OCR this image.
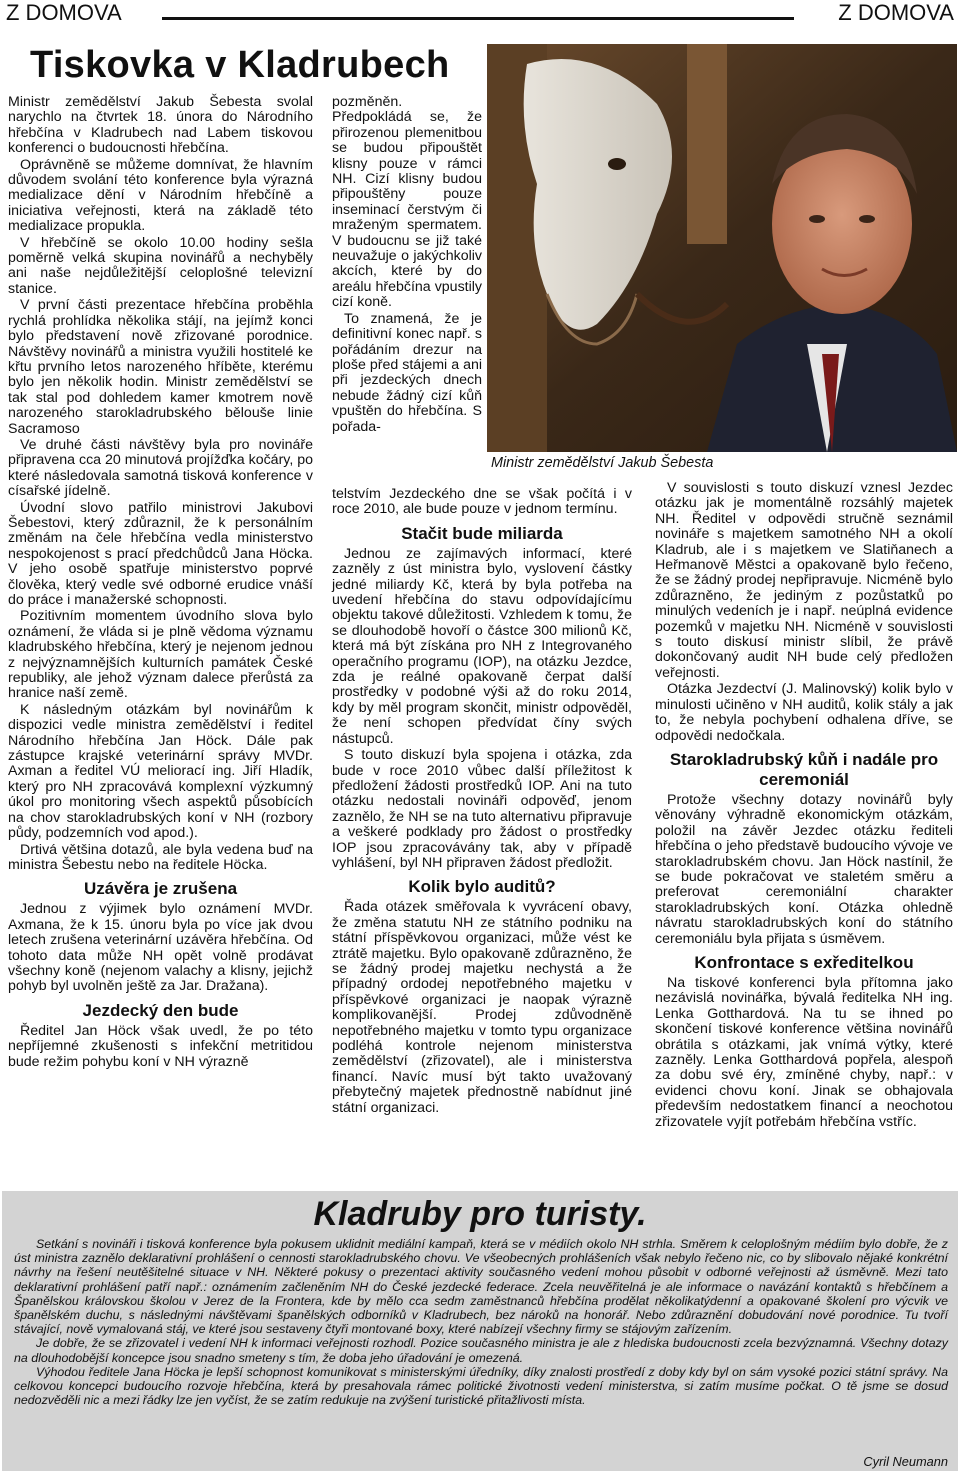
Z DOMOVA	Z DOMOVA
Tiskovka v Kladrubech

Ministr zemědělství Jakub Šebesta svolal narychlo na čtvrtek 18. února do Národního hřebčína v Kladrubech nad Labem tiskovou konferenci o budoucnosti hřebčína.

Oprávněně se můžeme domnívat, že hlavním důvodem svolání této konference byla výrazná medializace dění v Národním hřebčíně a iniciativa veřejnosti, která na základě této medializace propukla.

V hřebčíně se okolo 10.00 hodiny sešla poměrně velká skupina novinářů a nechyběly ani naše nejdůležitější celoplošné televizní stanice.

V první části prezentace hřebčína proběhla rychlá prohlídka několika stájí, na jejímž konci bylo představení nově zřizované porodnice. Návštěvy novinářů a ministra využili hostitelé ke křtu prvního letos narozeného hříběte, kterému bylo jen několik hodin. Ministr zemědělství se tak stal pod dohledem kamer kmotrem nově narozeného starokladrubského bělouše linie Sacramoso

Ve druhé části návštěvy byla pro novináře připravena cca 20 minutová projížďka kočáry, po které následovala samotná tisková konference v císařské jídelně.

Úvodní slovo patřilo ministrovi Jakubovi Šebestovi, který zdůraznil, že k personálním změnám na čele hřebčína vedla ministerstvo nespokojenost s prací předchůdců Jana Höcka. V jeho osobě spatřuje ministerstvo poprvé člověka, který vedle své odborné erudice vnáší do práce i manažerské schopnosti.

Pozitivním momentem úvodního slova bylo oznámení, že vláda si je plně vědoma významu kladrubského hřebčína, který je nejenom jednou z nejvýznamnějších kulturních památek České republiky, ale jehož význam dalece přerůstá za hranice naší země.

K následným otázkám byl novinářům k dispozici vedle ministra zemědělství i ředitel Národního hřebčína Jan Höck. Dále pak zástupce krajské veterinární správy MVDr. Axman a ředitel VÚ meliorací ing. Jiří Hladík, který pro NH zpracovává komplexní výzkumný úkol pro monitoring všech aspektů působících na chov starokladrubských koní v NH (rozbory půdy, podzemních vod apod.).

Drtivá většina dotazů, ale byla vedena buď na ministra Šebestu nebo na ředitele Höcka.

Uzávěra je zrušena

Jednou z výjimek bylo oznámení MVDr. Axmana, že k 15. únoru byla po více jak dvou letech zrušena veterinární uzávěra hřebčína. Od tohoto data může NH opět volně prodávat všechny koně (nejenom valachy a klisny, jejichž pohyb byl uvolněn ještě za Jar. Dražana).

Jezdecký den bude

Ředitel Jan Höck však uvedl, že po této nepříjemné zkušenosti s infekční metritidou bude režim pohybu koní v NH výrazně

pozměněn. Předpokládá se, že přirozenou plemenitbou se budou připouštět klisny pouze v rámci NH. Cizí klisny budou připouštěny pouze inseminací čerstvým či mraženým spermatem. V budoucnu se již také neuvažuje o jakýchkoliv akcích, které by do areálu hřebčína vpustily cizí koně.

To znamená, že je definitivní konec např. s pořádáním drezur na ploše před stájemi a ani při jezdeckých dnech nebude žádný cizí kůň vpuštěn do hřebčína. S pořada-

Ministr zemědělství Jakub Šebesta

telstvím Jezdeckého dne se však počítá i v roce 2010, ale bude pouze v jednom termínu.

Stačit bude miliarda

Jednou ze zajímavých informací, které zazněly z úst ministra bylo, vyslovení částky jedné miliardy Kč, která by byla potřeba na uvedení hřebčína do stavu odpovídajícímu objektu takové důležitosti. Vzhledem k tomu, že se dlouhodobě hovoří o částce 300 milionů Kč, která má být získána pro NH z Integrovaného operačního programu (IOP), na otázku Jezdce, zda je reálné opakovaně čerpat další prostředky v podobné výši až do roku 2014, kdy by měl program skončit, ministr odpověděl, že není schopen předvídat číny svých nástupců.

S touto diskuzí byla spojena i otázka, zda bude v roce 2010 vůbec další příležitost k předložení žádosti prostředků IOP. Ani na tuto otázku nedostali novináři odpověď, jenom zaznělo, že NH se na tuto alternativu připravuje a veškeré podklady pro žádost o prostředky IOP jsou zpracovávány tak, aby v případě vyhlášení, byl NH připraven žádost předložit.

Kolik bylo auditů?

Řada otázek směřovala k vyvrácení obavy, že změna statutu NH ze státního podniku na státní příspěvkovou organizaci, může vést ke ztrátě majetku. Bylo opakovaně zdůrazněno, že se žádný prodej majetku nechystá a že případný ordodej nepotřebného majetku v příspěvkové organizaci je naopak výrazně komplikovanější. Prodej zdůvodněně nepotřebného majetku v tomto typu organizace podléhá kontrole nejenom ministerstva zemědělství (zřizovatel), ale i ministerstva financí. Navíc musí být takto uvažovaný přebytečný majetek přednostně nabídnut jiné státní organizaci.

V souvislosti s touto diskuzí vznesl Jezdec otázku jak je momentálně rozsáhlý majetek NH. Ředitel v odpovědi stručně seznámil novináře s majetkem samotného NH a okolí Kladrub, ale i s majetkem ve Slatiňanech a Heřmanově Městci a opakovaně bylo řečeno, že se žádný prodej nepřipravuje. Nicméně bylo zdůrazněno, že jediným z pozůstatků po minulých vedeních je i např. neúplná evidence pozemků v majetku NH. Nicméně v souvislosti s touto diskusí ministr slíbil, že právě dokončovaný audit NH bude celý předložen veřejnosti.

Otázka Jezdectví (J. Malinovský) kolik bylo v minulosti učiněno v NH auditů, kolik stály a jak to, že nebyla pochybení odhalena dříve, se odpovědi nedočkala.

Starokladrubský kůň i nadále pro ceremoniál

Protože všechny dotazy novinářů byly věnovány výhradně ekonomickým otázkám, položil na závěr Jezdec otázku řediteli hřebčína o jeho představě budoucího vývoje ve starokladrubském chovu. Jan Höck nastínil, že se bude pokračovat ve staletém směru a preferovat ceremoniální charakter starokladrubských koní. Otázka ohledně návratu starokladrubských koní do státního ceremoniálu byla přijata s úsměvem.

Konfrontace s exředitelkou

Na tiskové konferenci byla přítomna jako nezávislá novinářka, bývalá ředitelka NH ing. Lenka Gotthardová. Na tu se ihned po skončení tiskové konference většina novinářů obrátila s otázkami, jak vnímá výtky, které zazněly. Lenka Gotthardová popřela, alespoň za dobu své éry, zmíněné chyby, např.: v evidenci chovu koní. Jinak se obhajovala především nedostatkem financí a neochotou zřizovatele vyjít potřebám hřebčína vstříc.

Kladruby pro turisty.

Setkání s novináři i tisková konference byla pokusem uklidnit mediální kampaň, která se v médiích okolo NH strhla. Směrem k celoplošným médiím bylo dobře, že z úst ministra zaznělo deklarativní prohlášení o cennosti starokladrubského chovu. Ve všeobecných prohlášeních však nebylo řečeno nic, co by slibovalo nějaké konkrétní návrhy na řešení neutěšitelné situace v NH. Některé pokusy o prezentaci aktivity současného vedení mohou působit v odborné veřejnosti až úsměvně. Mezi tato deklarativní prohlášení patří např.: oznámením začleněním NH do České jezdecké federace. Zcela neuvěřitelná je ale informace o navázání kontaktů s hřebčínem a Španělskou královskou školou v Jerez de la Frontera, kde by mělo cca sedm zaměstnanců hřebčína prodělat několikatýdenní a opakované školení pro výcvik ve španělském duchu, s následnými návštěvami španělských odborníků v Kladrubech, bez nároků na honorář. Nebo zdůraznění dobudování nové porodnice. Tu tvoří stávající, nově vymalovaná stáj, ve které jsou sestaveny čtyři montované boxy, které nabízejí všechny firmy se stájovým zařízením.

Je dobře, že se zřizovatel i vedení NH k informaci veřejnosti rozhodl. Pozice současného ministra je ale z hlediska budoucnosti zcela bezvýznamná. Všechny dotazy na dlouhodobější koncepce jsou snadno smeteny s tím, že doba jeho úřadování je omezená.

Výhodou ředitele Jana Höcka je lepší schopnost komunikovat s ministerskými úředníky, díky znalosti prostředí z doby kdy byl on sám vysoké pozici státní správy. Na celkovou koncepci budoucího rozvoje hřebčína, která by presahovala rámec politické životnosti vedení ministerstva, si zatím musíme počkat. O tě jsme se dosud nedozvěděli nic a mezi řádky lze jen vyčíst, že se zatím redukuje na zvýšení turistické přitažlivosti místa.

Cyril Neumann
